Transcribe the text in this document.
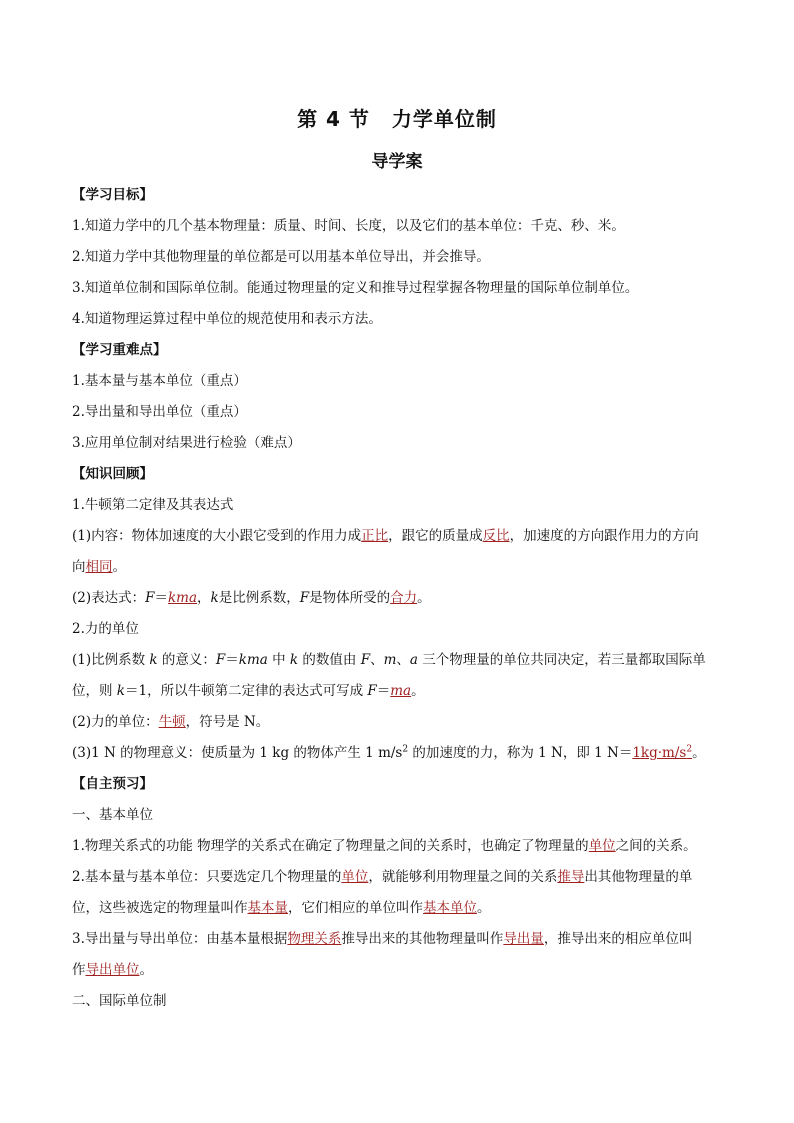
第 4 节 力学单位制
导学案
【学习目标】
1.知道力学中的几个基本物理量：质量、时间、长度，以及它们的基本单位：千克、秒、米。
2.知道力学中其他物理量的单位都是可以用基本单位导出，并会推导。
3.知道单位制和国际单位制。能通过物理量的定义和推导过程掌握各物理量的国际单位制单位。
4.知道物理运算过程中单位的规范使用和表示方法。
【学习重难点】
1.基本量与基本单位（重点）
2.导出量和导出单位（重点）
3.应用单位制对结果进行检验（难点）
【知识回顾】
1.牛顿第二定律及其表达式
(1)内容：物体加速度的大小跟它受到的作用力成正比，跟它的质量成反比，加速度的方向跟作用力的方向
向相同。
(2)表达式：F＝kma，k是比例系数，F是物体所受的合力。
2.力的单位
(1)比例系数 k 的意义：F＝kma 中 k 的数值由 F、m、a 三个物理量的单位共同决定，若三量都取国际单
位，则 k＝1，所以牛顿第二定律的表达式可写成 F＝ma。
(2)力的单位：牛顿，符号是 N。
(3)1 N 的物理意义：使质量为 1 kg 的物体产生 1 $m/s^2$ 的加速度的力，称为 1 N，即 1 $N=1kg\cdot m/s^2$。
【自主预习】
一、基本单位
1.物理关系式的功能 物理学的关系式在确定了物理量之间的关系时，也确定了物理量的单位之间的关系。
2.基本量与基本单位：只要选定几个物理量的单位，就能够利用物理量之间的关系推导出其他物理量的单
位，这些被选定的物理量叫作基本量，它们相应的单位叫作基本单位。
3.导出量与导出单位：由基本量根据物理关系推导出来的其他物理量叫作导出量，推导出来的相应单位叫
作导出单位。
二、国际单位制
